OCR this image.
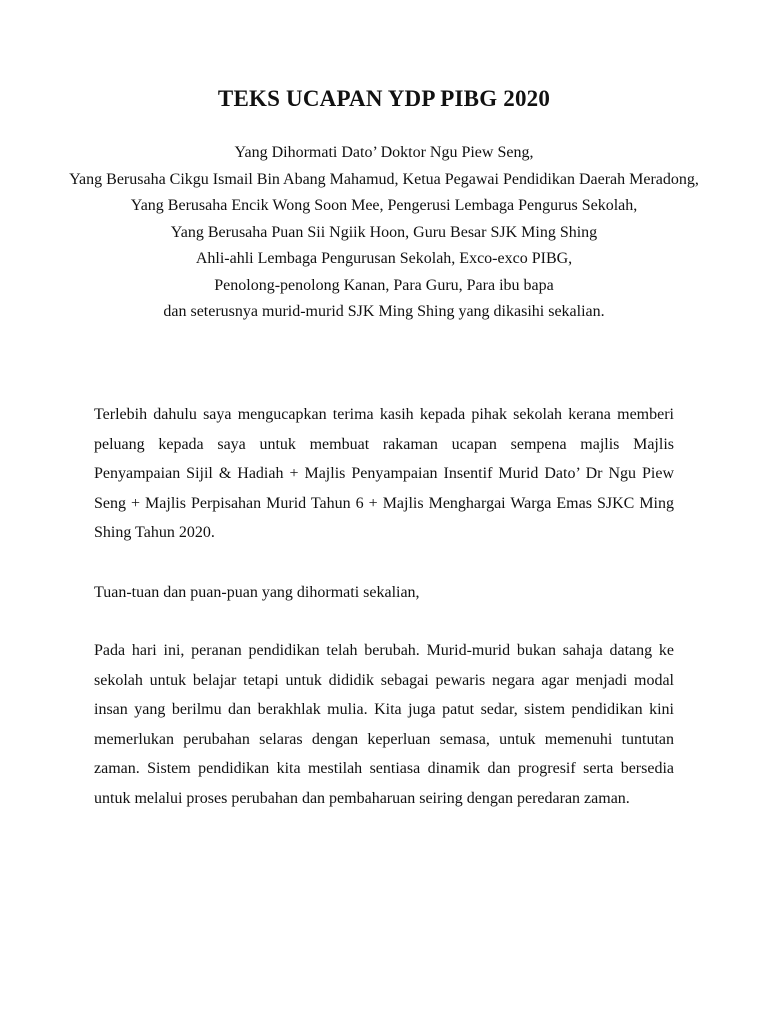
TEKS UCAPAN YDP PIBG 2020
Yang Dihormati Dato’ Doktor Ngu Piew Seng,
Yang Berusaha Cikgu Ismail Bin Abang Mahamud, Ketua Pegawai Pendidikan Daerah Meradong,
Yang Berusaha Encik Wong Soon Mee, Pengerusi Lembaga Pengurus Sekolah,
Yang Berusaha Puan Sii Ngiik Hoon, Guru Besar SJK Ming Shing
Ahli-ahli Lembaga Pengurusan Sekolah, Exco-exco PIBG,
Penolong-penolong Kanan, Para Guru, Para ibu bapa
dan seterusnya murid-murid SJK Ming Shing yang dikasihi sekalian.

Terlebih dahulu saya mengucapkan terima kasih kepada pihak sekolah kerana memberi peluang kepada saya untuk membuat rakaman ucapan sempena majlis Majlis Penyampaian Sijil & Hadiah + Majlis Penyampaian Insentif Murid Dato’ Dr Ngu Piew Seng + Majlis Perpisahan Murid Tahun 6 + Majlis Menghargai Warga Emas SJKC Ming Shing Tahun 2020.

Tuan-tuan dan puan-puan yang dihormati sekalian,

Pada hari ini, peranan pendidikan telah berubah. Murid-murid bukan sahaja datang ke sekolah untuk belajar tetapi untuk dididik sebagai pewaris negara agar menjadi modal insan yang berilmu dan berakhlak mulia. Kita juga patut sedar, sistem pendidikan kini memerlukan perubahan selaras dengan keperluan semasa, untuk memenuhi tuntutan zaman. Sistem pendidikan kita mestilah sentiasa dinamik dan progresif serta bersedia untuk melalui proses perubahan dan pembaharuan seiring dengan peredaran zaman.
